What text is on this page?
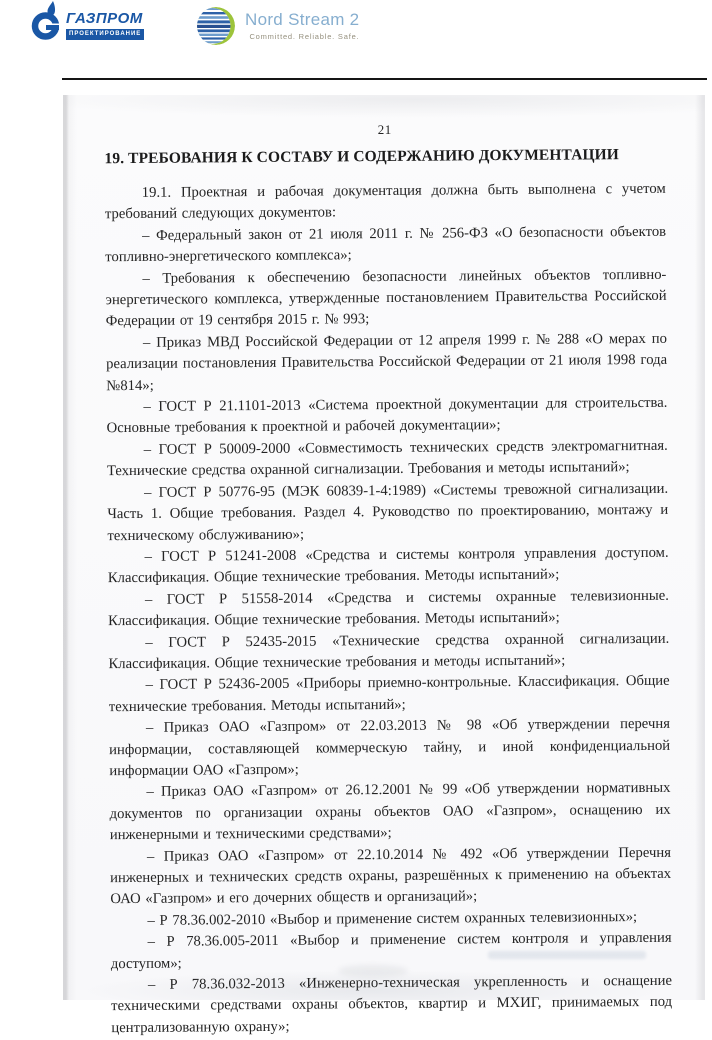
ГАЗПРОМ
ПРОЕКТИРОВАНИЕ
Nord Stream 2
Committed. Reliable. Safe.
21
19. ТРЕБОВАНИЯ К СОСТАВУ И СОДЕРЖАНИЮ ДОКУМЕНТАЦИИ

19.1. Проектная и рабочая документация должна быть выполнена с учетом требований следующих документов:

– Федеральный закон от 21 июля 2011 г. № 256-ФЗ «О безопасности объектов топливно-энергетического комплекса»;

– Требования к обеспечению безопасности линейных объектов топливно-энергетического комплекса, утвержденные постановлением Правительства Российской Федерации от 19 сентября 2015 г. № 993;

– Приказ МВД Российской Федерации от 12 апреля 1999 г. № 288 «О мерах по реализации постановления Правительства Российской Федерации от 21 июля 1998 года №814»;

– ГОСТ Р 21.1101-2013 «Система проектной документации для строительства. Основные требования к проектной и рабочей документации»;

– ГОСТ Р 50009-2000 «Совместимость технических средств электромагнитная. Технические средства охранной сигнализации. Требования и методы испытаний»;

– ГОСТ Р 50776-95 (МЭК 60839-1-4:1989) «Системы тревожной сигнализации. Часть 1. Общие требования. Раздел 4. Руководство по проектированию, монтажу и техническому обслуживанию»;

– ГОСТ Р 51241-2008 «Средства и системы контроля управления доступом. Классификация. Общие технические требования. Методы испытаний»;

– ГОСТ Р 51558-2014 «Средства и системы охранные телевизионные. Классификация. Общие технические требования. Методы испытаний»;

– ГОСТ Р 52435-2015 «Технические средства охранной сигнализации. Классификация. Общие технические требования и методы испытаний»;

– ГОСТ Р 52436-2005 «Приборы приемно-контрольные. Классификация. Общие технические требования. Методы испытаний»;

– Приказ ОАО «Газпром» от 22.03.2013 № 98 «Об утверждении перечня информации, составляющей коммерческую тайну, и иной конфиденциальной информации ОАО «Газпром»;

– Приказ ОАО «Газпром» от 26.12.2001 № 99 «Об утверждении нормативных документов по организации охраны объектов ОАО «Газпром», оснащению их инженерными и техническими средствами»;

– Приказ ОАО «Газпром» от 22.10.2014 № 492 «Об утверждении Перечня инженерных и технических средств охраны, разрешённых к применению на объектах ОАО «Газпром» и его дочерних обществ и организаций»;

– Р 78.36.002-2010 «Выбор и применение систем охранных телевизионных»;

– Р 78.36.005-2011 «Выбор и применение систем контроля и управления доступом»;

– Р 78.36.032-2013 «Инженерно-техническая укрепленность и оснащение техническими средствами охраны объектов, квартир и МХИГ, принимаемых под централизованную охрану»;
